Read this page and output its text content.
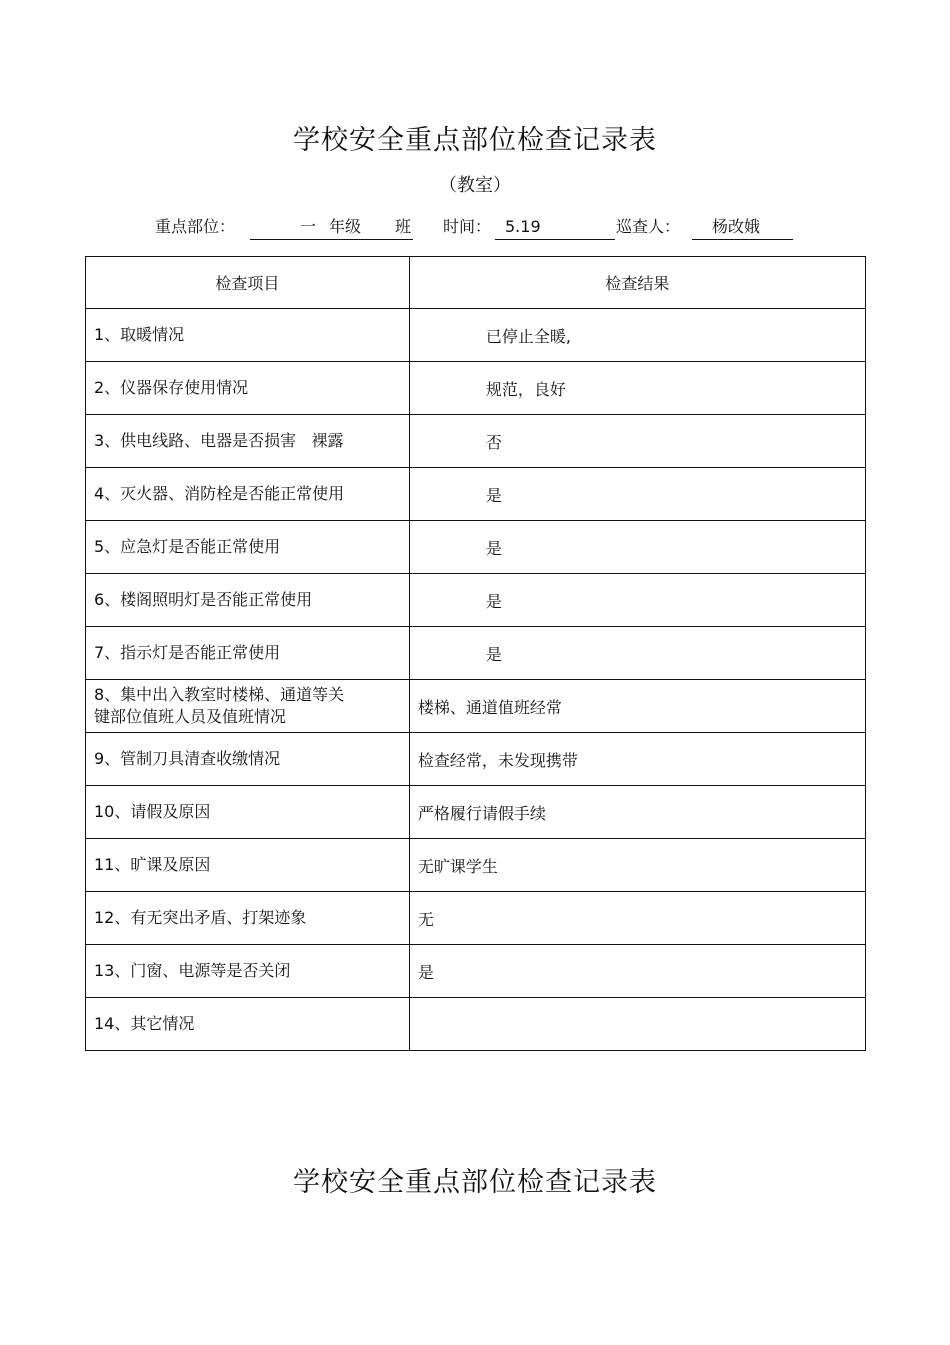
学校安全重点部位检查记录表
（教室）
重点部位：	一 年级 班
时间： 5.19
	巡查人： 杨改娥

检查项目	检查结果
1、取暖情况	已停止全暖,
2、仪器保存使用情况	规范，良好
3、供电线路、电器是否损害   裸露	否
4、灭火器、消防栓是否能正常使用	是
5、应急灯是否能正常使用	是
6、楼阁照明灯是否能正常使用	是
7、指示灯是否能正常使用	是

8、集中出入教室时楼梯、通道等关
键部位值班人员及值班情况	楼梯、通道值班经常
9、管制刀具清查收缴情况	检查经常，未发现携带
10、请假及原因	严格履行请假手续
11、旷课及原因	无旷课学生
12、有无突出矛盾、打架迹象	无
13、门窗、电源等是否关闭	是
14、其它情况	
学校安全重点部位检查记录表
